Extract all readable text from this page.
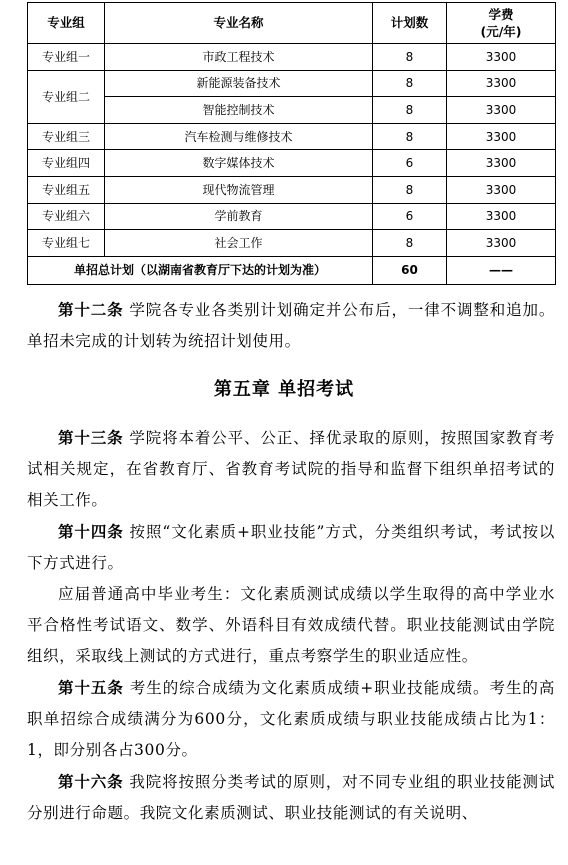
专业组	专业名称	计划数	学费
(元/年)

专业组一	市政工程技术	8	3300
专业组二	新能源装备技术	8	3300
	智能控制技术	8	3300
专业组三	汽车检测与维修技术	8	3300
专业组四	数字媒体技术	6	3300
专业组五	现代物流管理	8	3300
专业组六	学前教育	6	3300
专业组七	社会工作	8	3300
单招总计划（以湖南省教育厅下达的计划为准）		60	——

第十二条 学院各专业各类别计划确定并公布后，一律不调整和追加。单招未完成的计划转为统招计划使用。

第五章 单招考试

第十三条 学院将本着公平、公正、择优录取的原则，按照国家教育考试相关规定，在省教育厅、省教育考试院的指导和监督下组织单招考试的相关工作。

第十四条 按照“文化素质+职业技能”方式，分类组织考试，考试按以下方式进行。

应届普通高中毕业考生：文化素质测试成绩以学生取得的高中学业水平合格性考试语文、数学、外语科目有效成绩代替。职业技能测试由学院组织，采取线上测试的方式进行，重点考察学生的职业适应性。

第十五条 考生的综合成绩为文化素质成绩+职业技能成绩。考生的高职单招综合成绩满分为600分，文化素质成绩与职业技能成绩占比为1：1，即分别各占300分。

第十六条 我院将按照分类考试的原则，对不同专业组的职业技能测试分别进行命题。我院文化素质测试、职业技能测试的有关说明、
